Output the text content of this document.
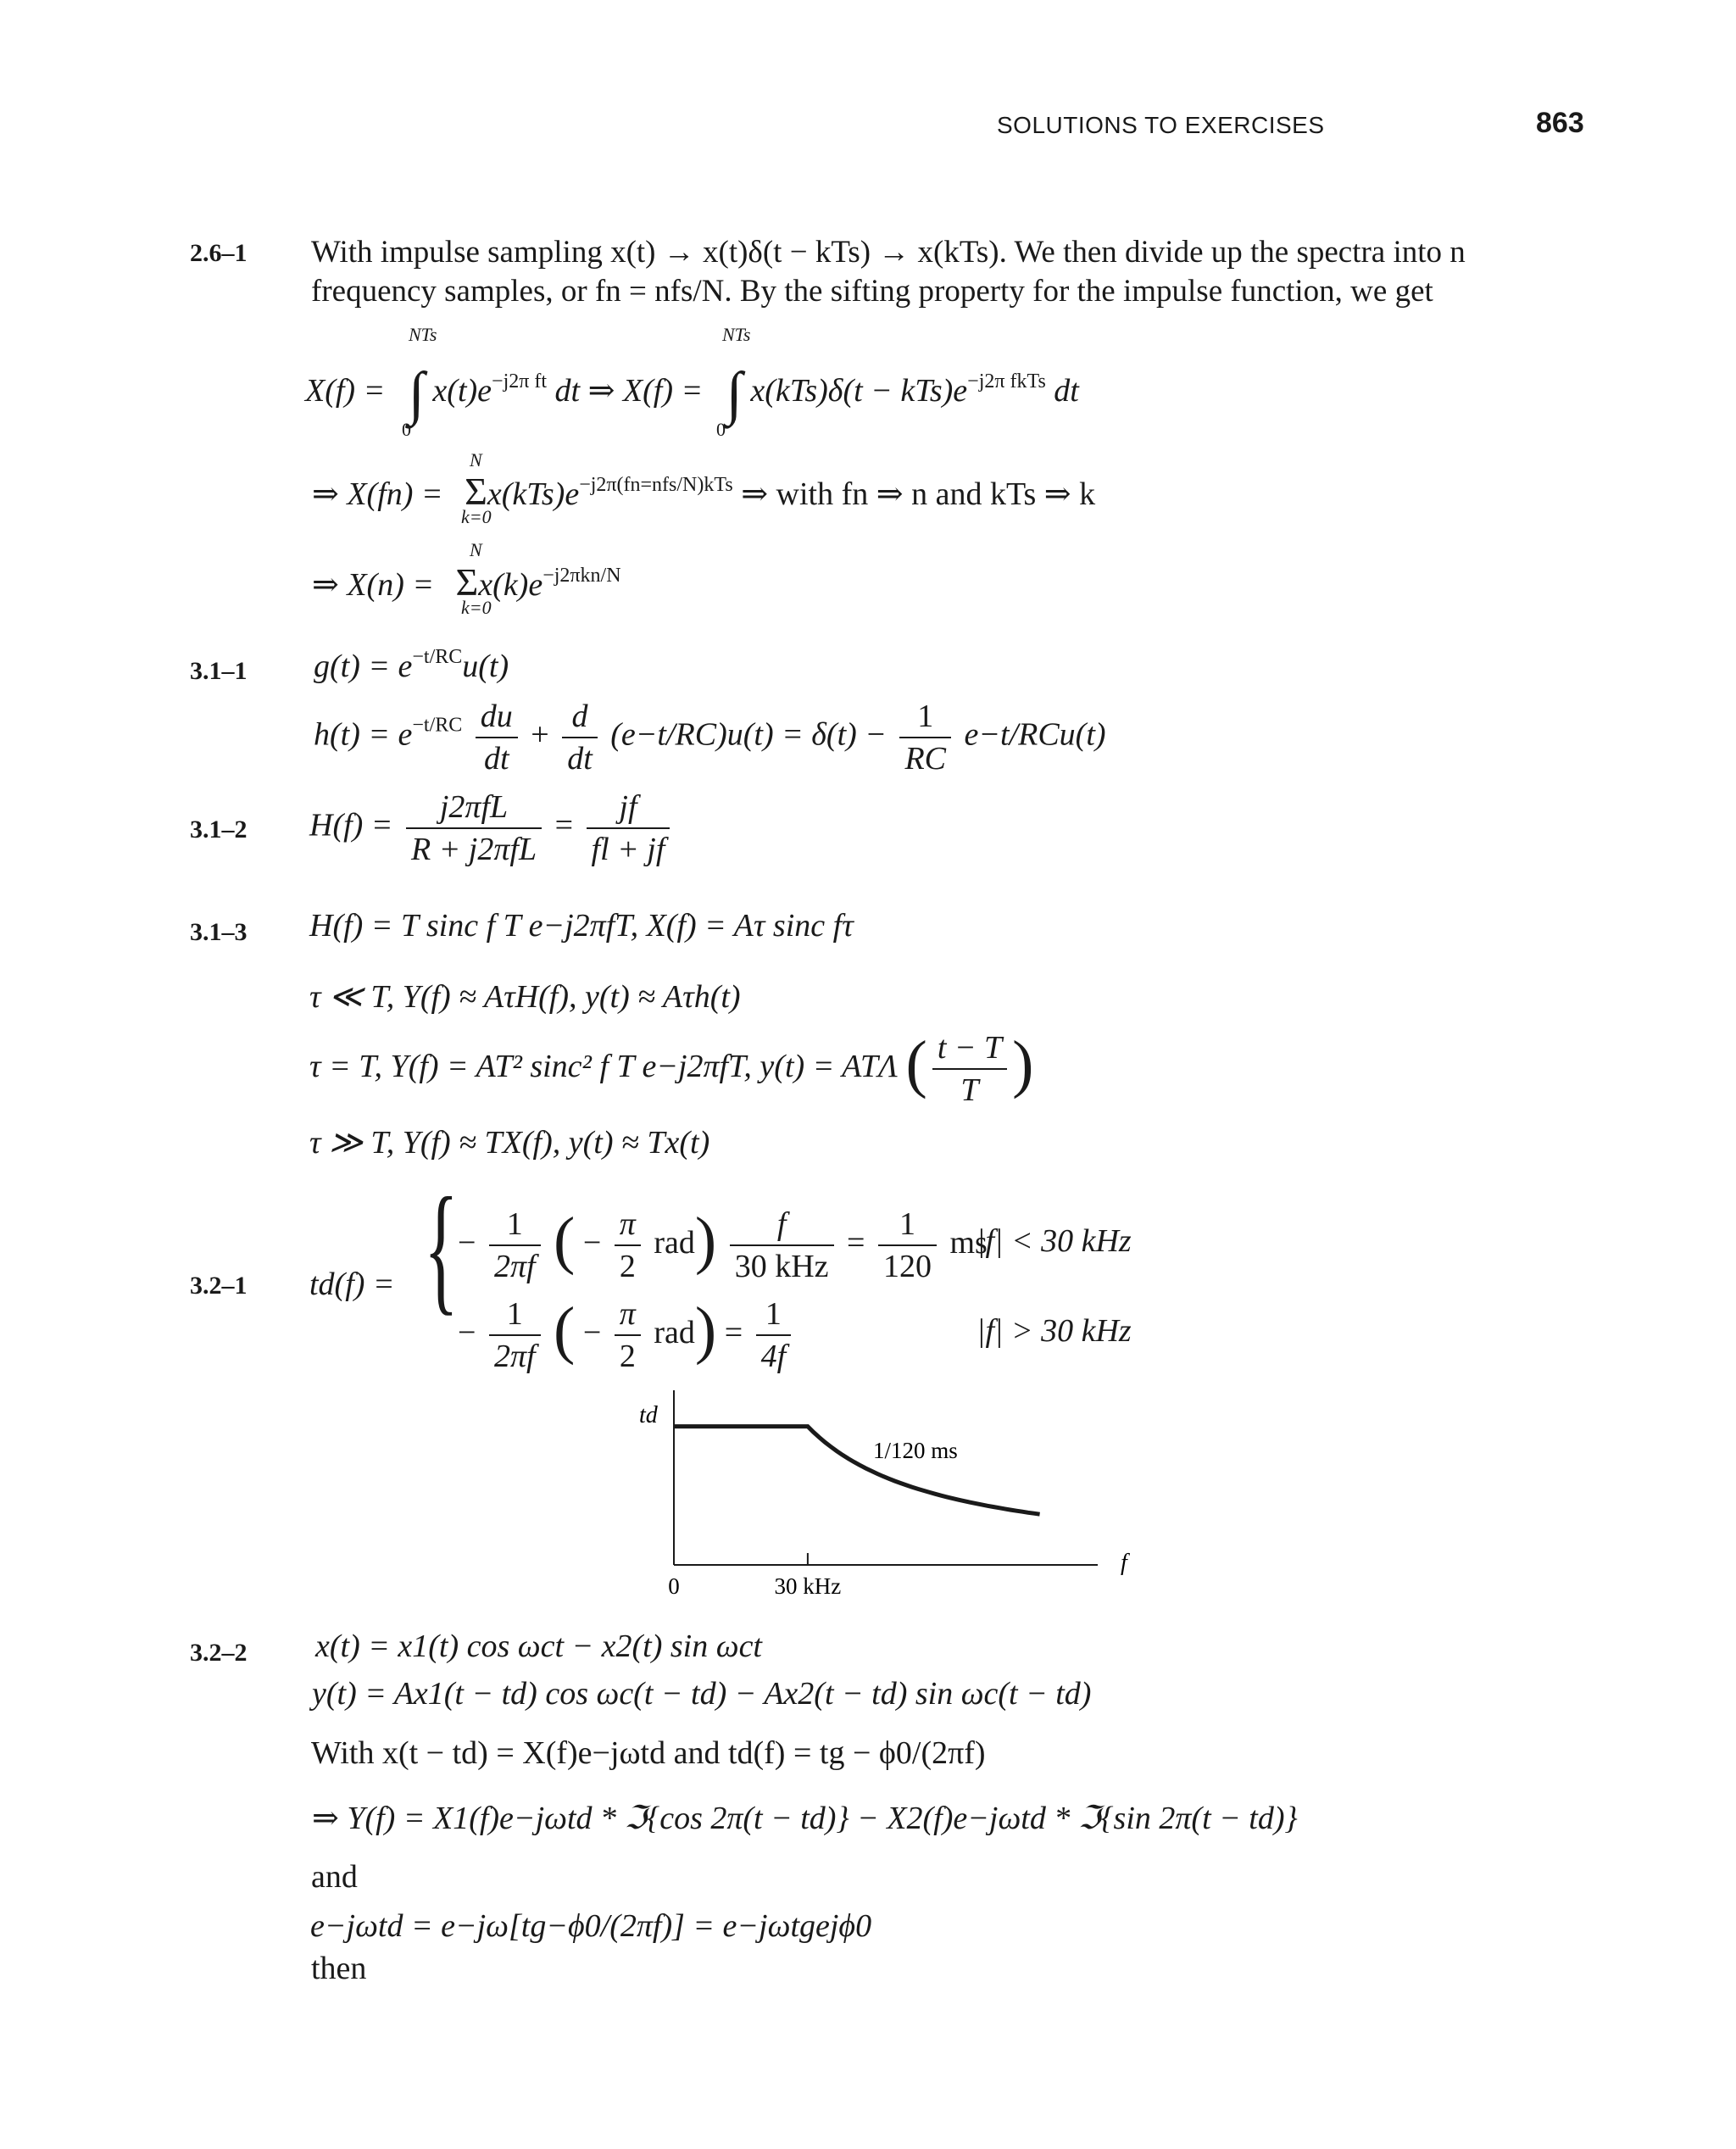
SOLUTIONS TO EXERCISES	863
2.6–1 With impulse sampling x(t) → x(t)δ(t − kTs) → x(kTs). We then divide up the spectra into n
frequency samples, or fn = nfs/N. By the sifting property for the impulse function, we get
X(f) = ∫ $x(t)e^{-j2\pi ft}$ dt ⇒ X(f) = ∫ $x(kTs)\delta(t - kTs)e^{-j2\pi fkTs}$ dt
NTs
0
NTs
0
⇒ $X(fn) = \Sigma x(kTs)e^{-j2\pi(fn=nfs/N)kTs}$ ⇒ with fn ⇒ n and kTs ⇒ k
N
k=0
⇒ $X(n) = \Sigma x(k)e^{-j2\pi kn/N}$
N
k=0
3.1–1 $g(t) = e^{-t/RC}u(t)$
$h(t) = e^{-t/RC} \frac{du}{dt} + \frac{d}{dt} (e-t/RC)u(t) = \delta(t) - \frac{1}{RC} e-t/RCu(t)$
3.1–2 $H(f) = \frac{\text{j2πfL}}{\text{R + j2πfL}} = \frac{jf}{fl + jf}$
3.1–3 H(f) = T sinc f T e−j2πfT, X(f) = Aτ sinc fτ
τ ≪ T, Y(f) ≈ AτH(f), y(t) ≈ Aτh(t)
τ = T, Y(f) = AT² sinc² f T e−j2πfT, y(t) = ATΛ ( $\frac{t - T}{T}$ )
τ ≫ T, Y(f) ≈ TX(f), y(t) ≈ Tx(t)
3.2–1 td(f) = { − $\frac{1}{2\pi f}$ ( − $\frac{\pi}{2} rad) \frac{f}{\text{30 kHz}} = \frac{1}{120}$ ms
|f| < 30 kHz
− $\frac{1}{2\pi f}$ ( − $\frac{\pi}{2} rad) = \frac{1}{4f}$	|f| > 30 kHz
td
f
1/120 ms
0	30 kHz
3.2–2 x(t) = x1(t) cos ωct − x2(t) sin ωct
y(t) = Ax1(t − td) cos ωc(t − td) − Ax2(t − td) sin ωc(t − td)
With x(t − td) = X(f)e−jωtd and td(f) = tg − ϕ0/(2πf)
⇒ Y(f) = X1(f)e−jωtd * ℑ{cos 2π(t − td)} − X2(f)e−jωtd * ℑ{sin 2π(t − td)}
and
e−jωtd = e−jω[tg−ϕ0/(2πf)] = e−jωtgejϕ0
then
